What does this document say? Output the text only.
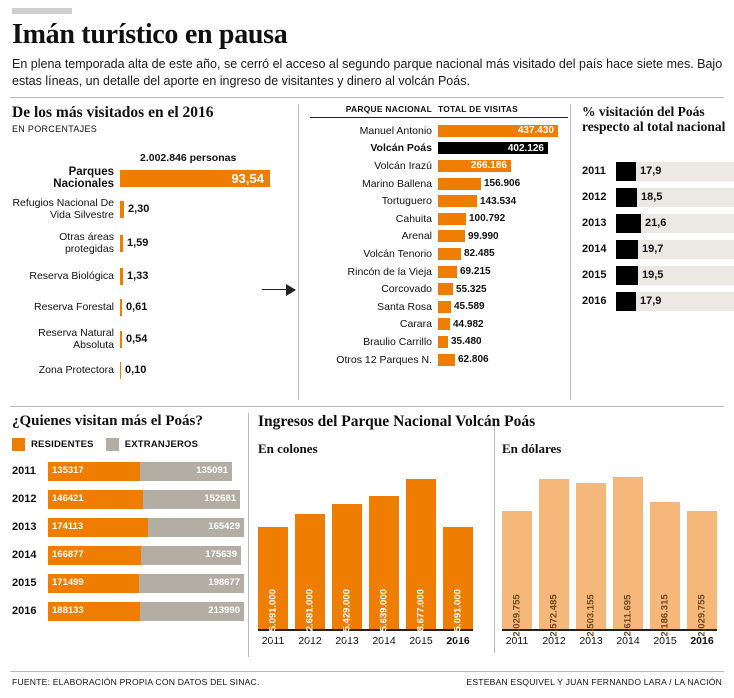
Imán turístico en pausa

En plena temporada alta de este año, se cerró el acceso al segundo parque nacional más visitado del país hace siete mes. Bajo estas líneas, un detalle del aporte en ingreso de visitantes y dinero al volcán Poás.

De los más visitados en el 2016
EN PORCENTAJES
2.002.846 personas
Parques Nacionales	93,54
Refugios Nacional De Vida Silvestre	2,30
Otras áreas protegidas	1,59
Reserva Biológica	1,33
Reserva Forestal	0,61
Reserva Natural Absoluta	0,54
Zona Protectora	0,10
PARQUE NACIONAL TOTAL DE VISITAS
Manuel Antonio	437.430
Volcán Poás	402.126
Volcán Irazú	266.186
Marino Ballena	156.906
Tortuguero	143.534
Cahuita	100.792
Arenal	99.990
Volcán Tenorio	82.485
Rincón de la Vieja	69.215
Corcovado	55.325
Santa Rosa	45.589
Carara	44.982
Braulio Carrillo	35.480
Otros 12 Parques N.	62.806
% visitación del Poás respecto al total nacional
2011	17,9
2012	18,5
2013	21,6
2014	19,7
2015	19,5
2016	17,9
¿Quienes visitan más el Poás?
RESIDENTES	EXTRANJEROS
2011	135317	135091
2012	146421	152681
2013	174113	165429
2014	166877	175639
2015	171499	198677
2016	188133	213990
Ingresos del Parque Nacional Volcán Poás
En colones
135.091.000	152.681.000	165.429.000	175.639.000	198.677.000	135.091.000
2011	2012	2013	2014	2015	2016
En dólares
2.029.755	2.572.485	2.503.155	2.611.695	2.186.315	2.029.755
2011	2012	2013	2014	2015	2016
FUENTE: ELABORACIÓN PROPIA CON DATOS DEL SINAC.	ESTEBAN ESQUIVEL Y JUAN FERNANDO LARA / LA NACIÓN
